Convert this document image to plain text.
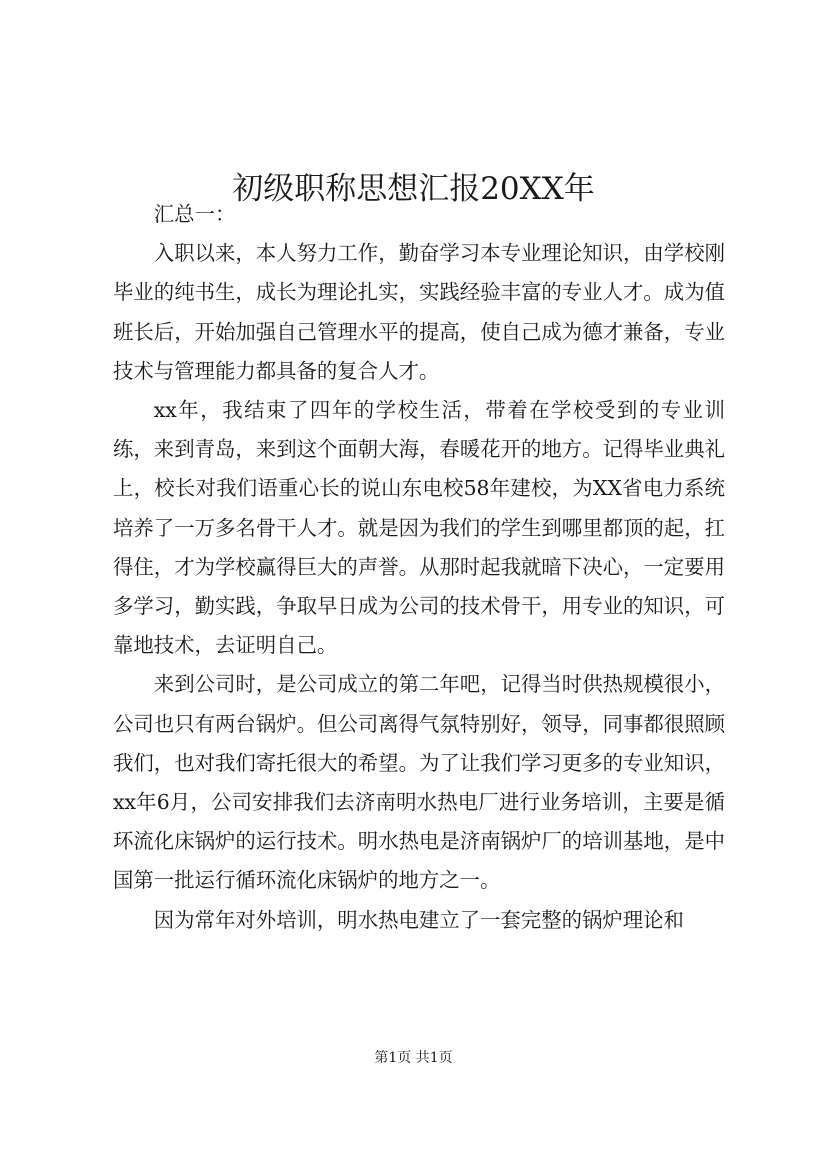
初级职称思想汇报20XX年

汇总一：

入职以来，本人努力工作，勤奋学习本专业理论知识，由学校刚毕业的纯书生，成长为理论扎实，实践经验丰富的专业人才。成为值班长后，开始加强自己管理水平的提高，使自己成为德才兼备，专业技术与管理能力都具备的复合人才。

xx年，我结束了四年的学校生活，带着在学校受到的专业训练，来到青岛，来到这个面朝大海，春暖花开的地方。记得毕业典礼上，校长对我们语重心长的说山东电校58年建校，为XX省电力系统培养了一万多名骨干人才。就是因为我们的学生到哪里都顶的起，扛得住，才为学校赢得巨大的声誉。从那时起我就暗下决心，一定要用多学习，勤实践，争取早日成为公司的技术骨干，用专业的知识，可靠地技术，去证明自己。

来到公司时，是公司成立的第二年吧，记得当时供热规模很小，公司也只有两台锅炉。但公司离得气氛特别好，领导，同事都很照顾我们，也对我们寄托很大的希望。为了让我们学习更多的专业知识，xx年6月，公司安排我们去济南明水热电厂进行业务培训，主要是循环流化床锅炉的运行技术。明水热电是济南锅炉厂的培训基地，是中国第一批运行循环流化床锅炉的地方之一。

因为常年对外培训，明水热电建立了一套完整的锅炉理论和

第1页 共1页
